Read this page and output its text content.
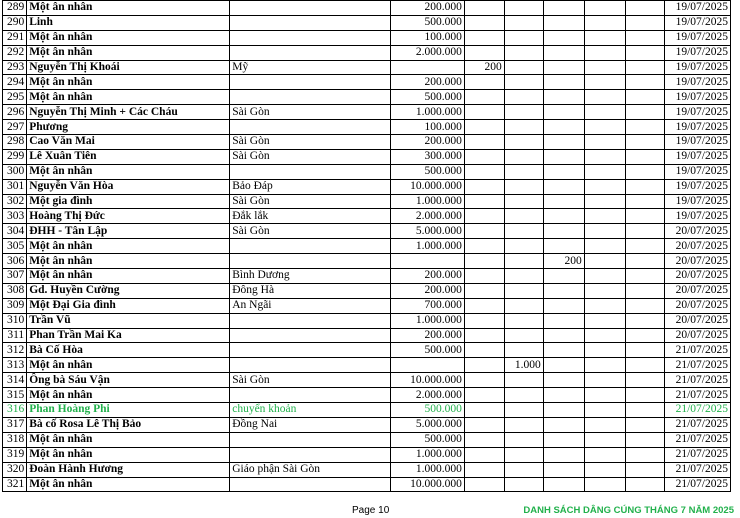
289	Một ân nhân		200.000						19/07/2025
290	Linh		500.000						19/07/2025
291	Một ân nhân		100.000						19/07/2025
292	Một ân nhân		2.000.000						19/07/2025
293	Nguyễn Thị Khoái	Mỹ		200					19/07/2025
294	Một ân nhân		200.000						19/07/2025
295	Một ân nhân		500.000						19/07/2025
296	Nguyễn Thị Minh + Các Cháu	Sài Gòn	1.000.000						19/07/2025
297	Phương		100.000						19/07/2025
298	Cao Văn Mai	Sài Gòn	200.000						19/07/2025
299	Lê Xuân Tiên	Sài Gòn	300.000						19/07/2025
300	Một ân nhân		500.000						19/07/2025
301	Nguyễn Văn Hòa	Bảo Đáp	10.000.000						19/07/2025
302	Một gia đình	Sài Gòn	1.000.000						19/07/2025
303	Hoàng Thị Đức	Đắk lắk	2.000.000						19/07/2025
304	ĐHH - Tân Lập	Sài Gòn	5.000.000						20/07/2025
305	Một ân nhân		1.000.000						20/07/2025
306	Một ân nhân					200			20/07/2025
307	Một ân nhân	Bình Dương	200.000						20/07/2025
308	Gd. Huyền Cường	Đông Hà	200.000						20/07/2025
309	Một Đại Gia đình	An Ngãi	700.000						20/07/2025
310	Trần Vũ		1.000.000						20/07/2025
311	Phan Trần Mai Ka		200.000						20/07/2025
312	Bà Cố Hòa		500.000						21/07/2025
313	Một ân nhân				1.000				21/07/2025
314	Ông bà Sáu Vận	Sài Gòn	10.000.000						21/07/2025
315	Một ân nhân		2.000.000						21/07/2025
316	Phan Hoàng Phi	chuyển khoản	500.000						21/07/2025
317	Bà cố Rosa Lê Thị Bảo	Đồng Nai	5.000.000						21/07/2025
318	Một ân nhân		500.000						21/07/2025
319	Một ân nhân		1.000.000						21/07/2025
320	Đoàn Hành Hương	Giáo phận Sài Gòn	1.000.000						21/07/2025
321	Một ân nhân		10.000.000						21/07/2025
Page 10	DANH SÁCH DÂNG CÚNG THÁNG 7 NĂM 2025
